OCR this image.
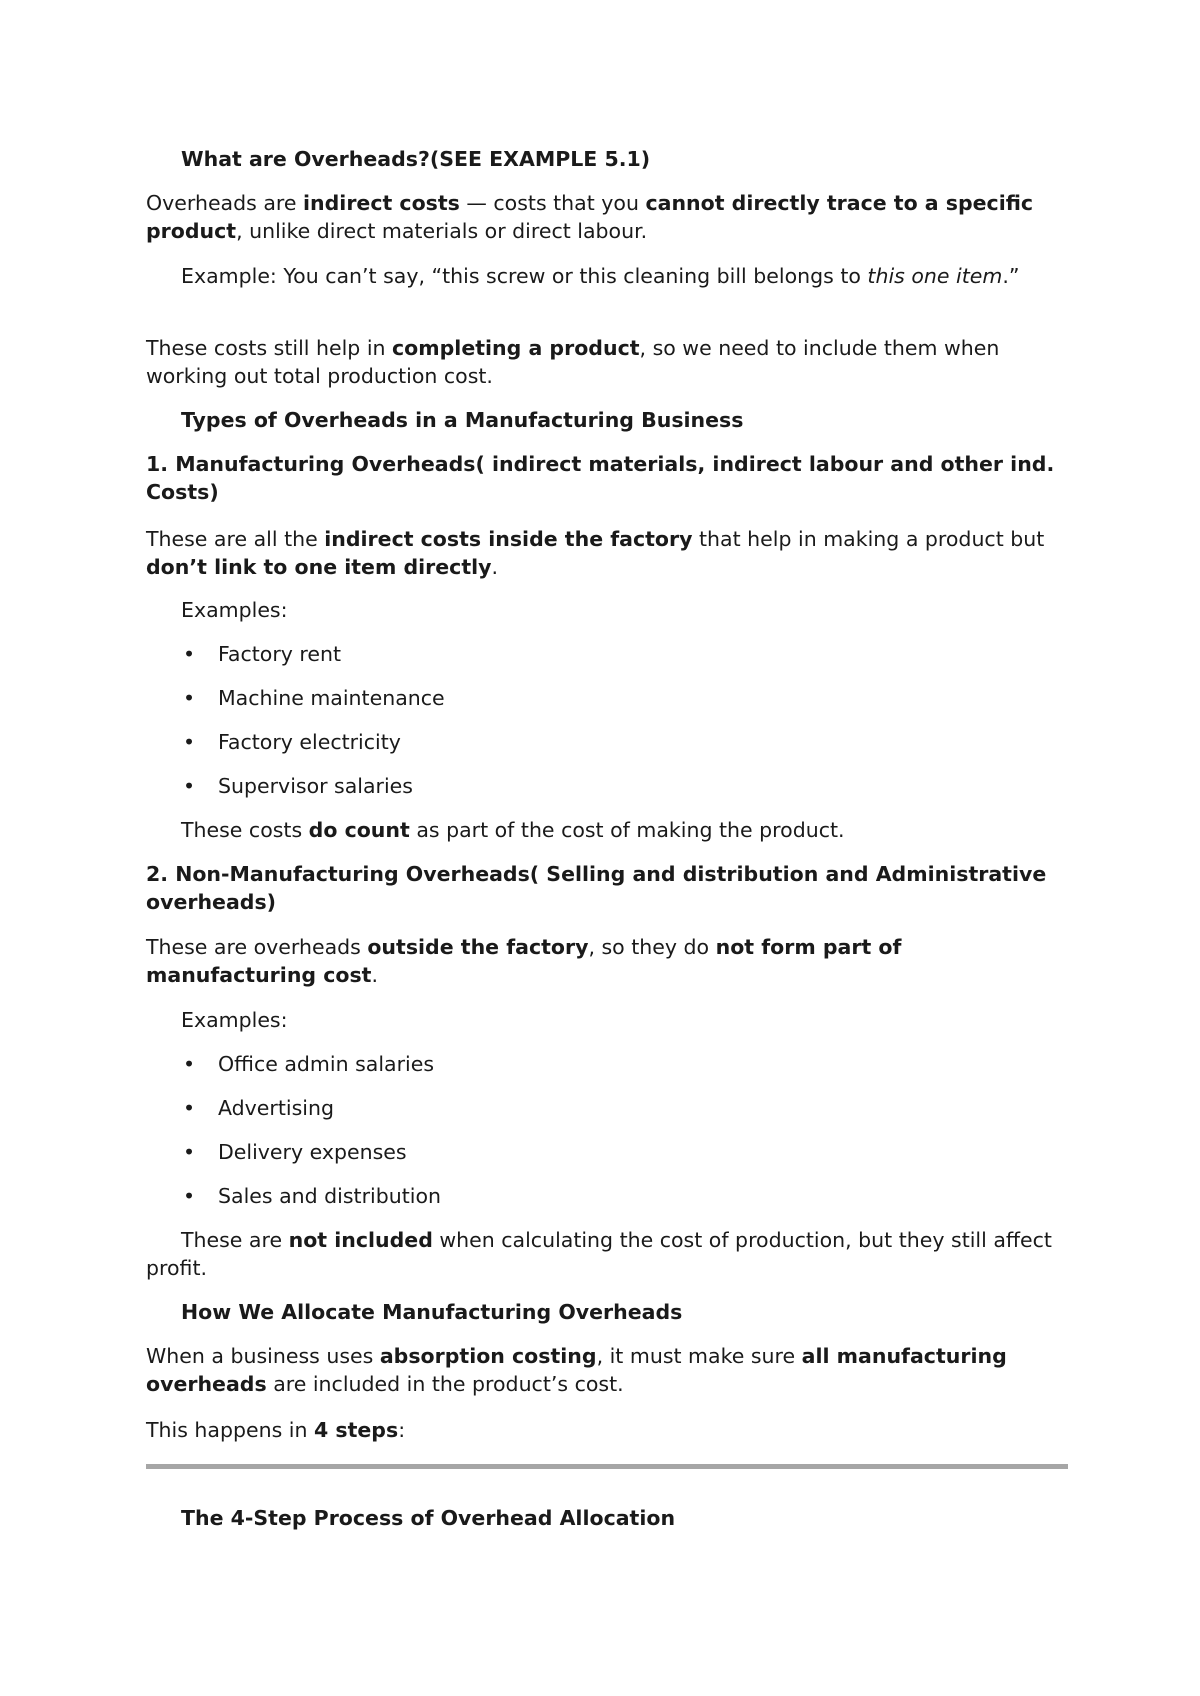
What are Overheads?(SEE EXAMPLE 5.1)

Overheads are indirect costs — costs that you cannot directly trace to a specific product, unlike direct materials or direct labour.

Example: You can’t say, “this screw or this cleaning bill belongs to this one item.”

These costs still help in completing a product, so we need to include them when working out total production cost.

Types of Overheads in a Manufacturing Business

1. Manufacturing Overheads( indirect materials, indirect labour and other ind. Costs)

These are all the indirect costs inside the factory that help in making a product but don’t link to one item directly.

Examples:

• Factory rent
• Machine maintenance
• Factory electricity
• Supervisor salaries

These costs do count as part of the cost of making the product.

2. Non-Manufacturing Overheads( Selling and distribution and Administrative overheads)

These are overheads outside the factory, so they do not form part of manufacturing cost.

Examples:

• Office admin salaries
• Advertising
• Delivery expenses
• Sales and distribution

These are not included when calculating the cost of production, but they still affect profit.

How We Allocate Manufacturing Overheads

When a business uses absorption costing, it must make sure all manufacturing overheads are included in the product’s cost.

This happens in 4 steps:

The 4-Step Process of Overhead Allocation
